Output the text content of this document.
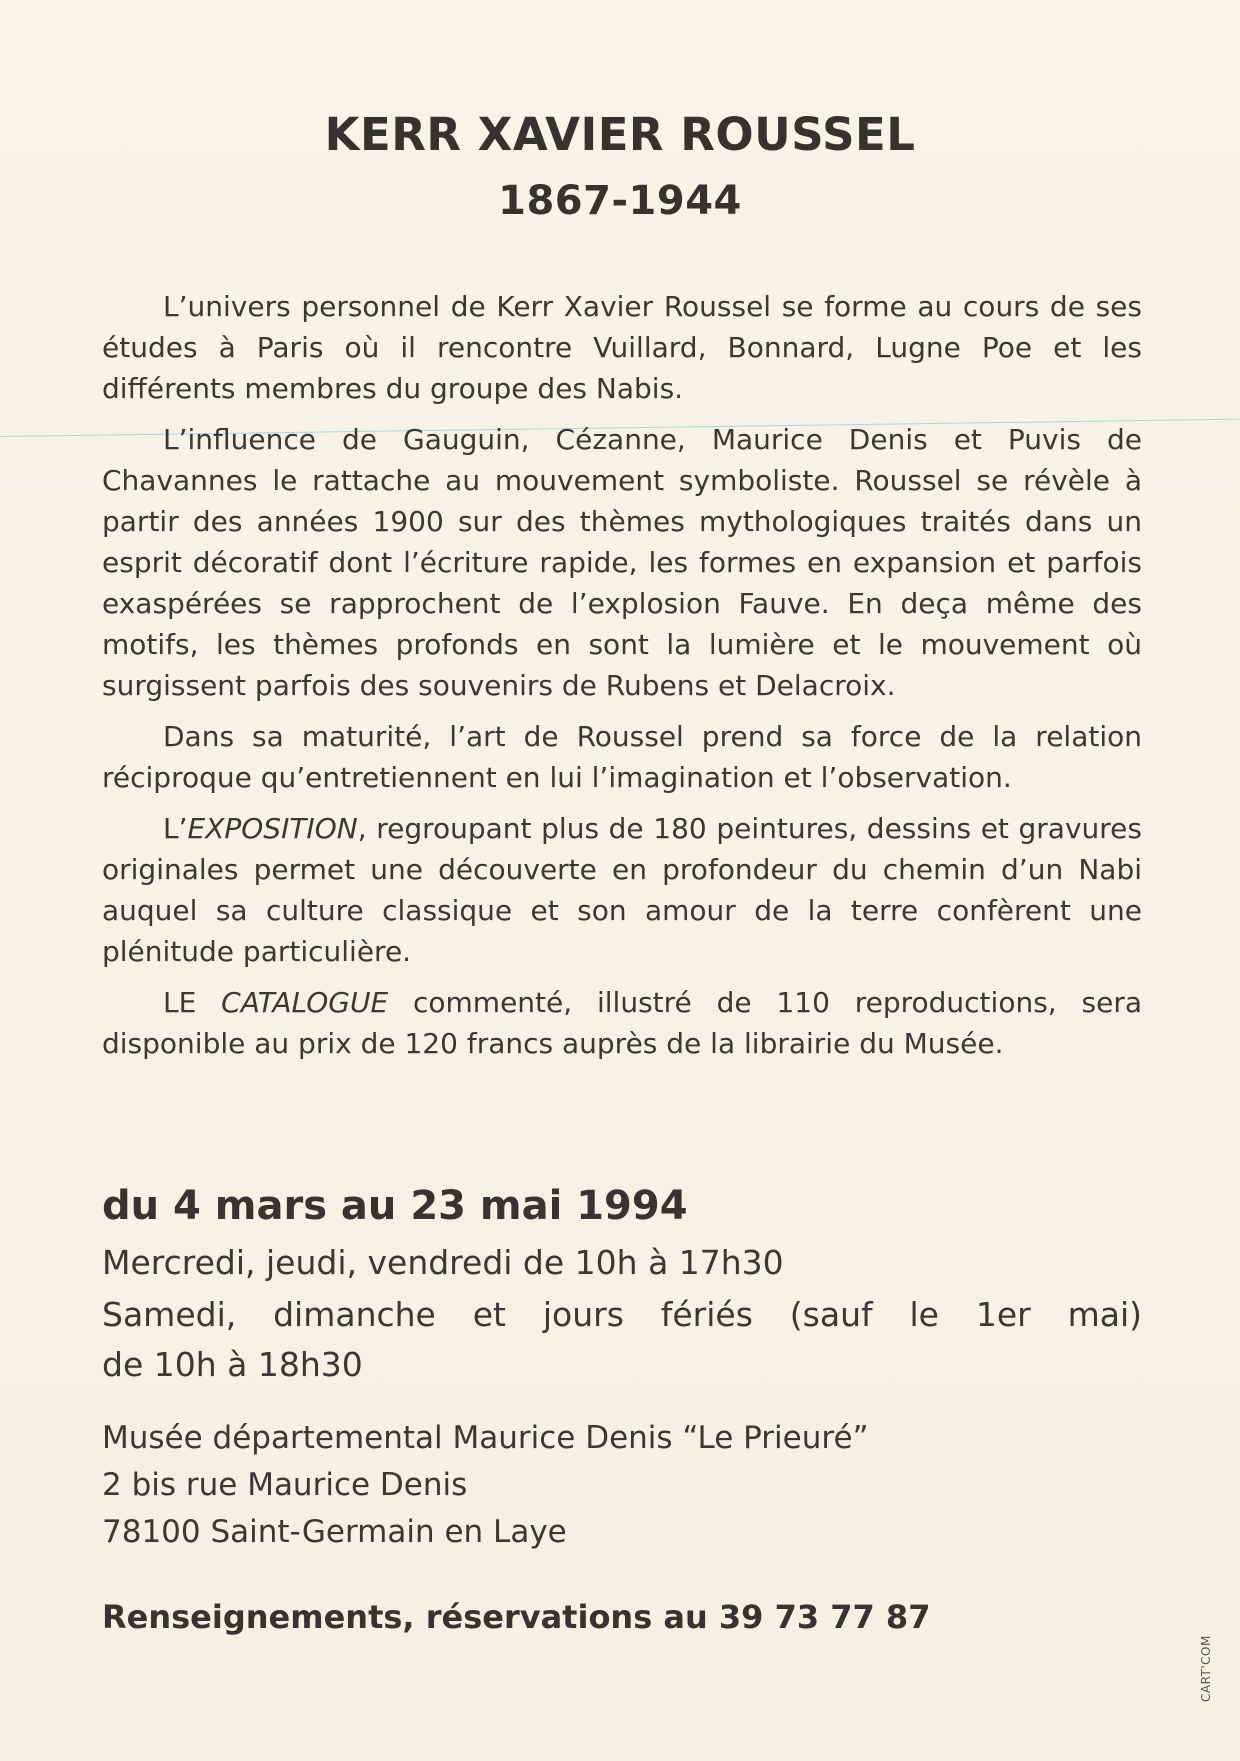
KERR XAVIER ROUSSEL
1867-1944

L’univers personnel de Kerr Xavier Roussel se forme au cours de ses études à Paris où il rencontre Vuillard, Bonnard, Lugne Poe et les différents membres du groupe des Nabis.

L’influence de Gauguin, Cézanne, Maurice Denis et Puvis de Chavannes le rattache au mouvement symboliste. Roussel se révèle à partir des années 1900 sur des thèmes mythologiques traités dans un esprit décoratif dont l’écriture rapide, les formes en expansion et parfois exaspérées se rapprochent de l’explosion Fauve. En deça même des motifs, les thèmes profonds en sont la lumière et le mouvement où surgissent parfois des souvenirs de Rubens et Delacroix.

Dans sa maturité, l’art de Roussel prend sa force de la relation réciproque qu’entretiennent en lui l’imagination et l’observation.

L’EXPOSITION, regroupant plus de 180 peintures, dessins et gravures originales permet une découverte en profondeur du chemin d’un Nabi auquel sa culture classique et son amour de la terre confèrent une plénitude particulière.

LE CATALOGUE commenté, illustré de 110 reproductions, sera disponible au prix de 120 francs auprès de la librairie du Musée.

du 4 mars au 23 mai 1994
Mercredi, jeudi, vendredi de 10h à 17h30
Samedi, dimanche et jours fériés (sauf le 1er mai)
de 10h à 18h30
Musée départemental Maurice Denis “Le Prieuré”
2 bis rue Maurice Denis
78100 Saint-Germain en Laye
Renseignements, réservations au 39 73 77 87
CART'COM
